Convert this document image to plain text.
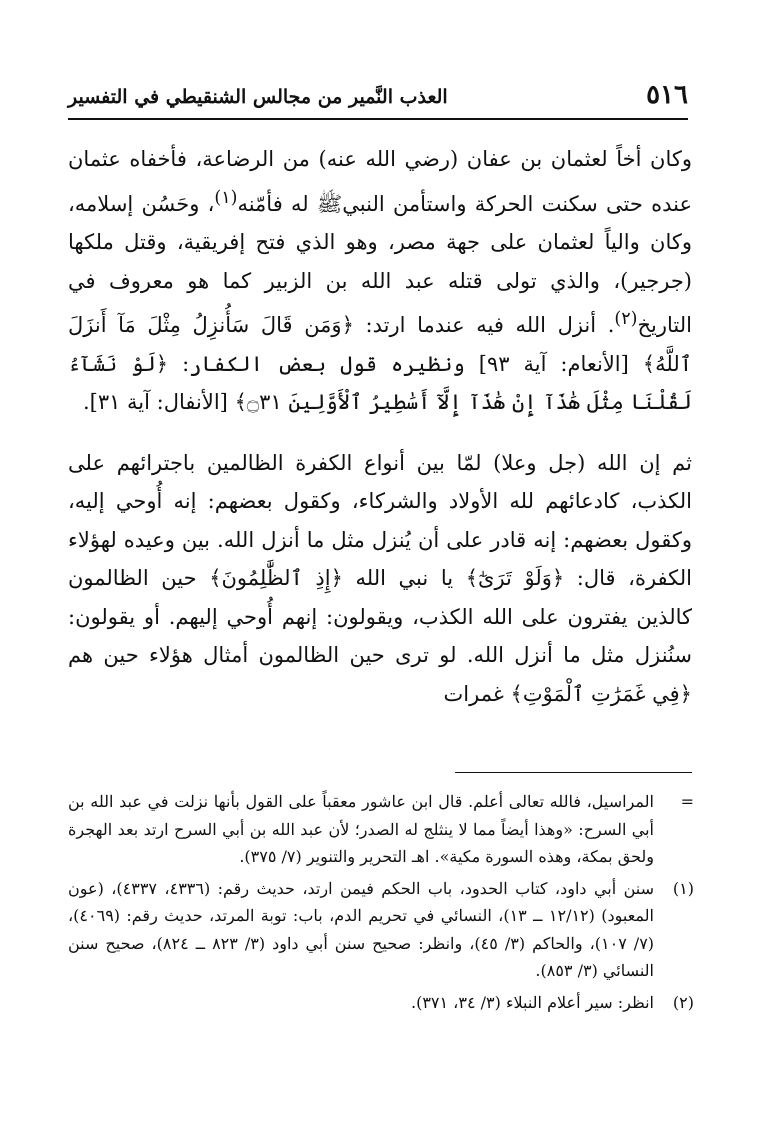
٥١٦
العذب النَّمير من مجالس الشنقيطي في التفسير

وكان أخاً لعثمان بن عفان (رضي الله عنه) من الرضاعة، فأخفاه عثمان عنده حتى سكنت الحركة واستأمن النبيﷺ له فأمّنه$^{(١)}$، وحَسُن إسلامه، وكان والياً لعثمان على جهة مصر، وهو الذي فتح إفريقية، وقتل ملكها (جرجير)، والذي تولى قتله عبد الله بن الزبير كما هو معروف في التاريخ$^{(٢)}$. أنزل الله فيه عندما ارتد: ﴿وَمَن قَالَ سَأُنزِلُ مِثْلَ مَآ أَنزَلَ ٱللَّهُ﴾ [الأنعام: آية ٩٣] ونظيره قول بعض الكفار: ﴿لَوْ نَشَآءُ لَقُلْنَا مِثْلَ هَٰذَآ إِنْ هَٰذَآ إِلَّآ أَسَٰطِيرُ ٱلْأَوَّلِينَ ۝٣١﴾ [الأنفال: آية ٣١].

ثم إن الله (جل وعلا) لمّا بين أنواع الكفرة الظالمين باجترائهم على الكذب، كادعائهم لله الأولاد والشركاء، وكقول بعضهم: إنه أُوحي إليه، وكقول بعضهم: إنه قادر على أن يُنزل مثل ما أنزل الله. بين وعيده لهؤلاء الكفرة، قال: ﴿وَلَوْ تَرَىٰٓ﴾ يا نبي الله ﴿إِذِ ٱلظَّٰلِمُونَ﴾ حين الظالمون كالذين يفترون على الله الكذب، ويقولون: إنهم أُوحي إليهم. أو يقولون: سنُنزل مثل ما أنزل الله. لو ترى حين الظالمون أمثال هؤلاء حين هم ﴿فِي غَمَرَٰتِ ٱلْمَوْتِ﴾ غمرات

=
المراسيل، فالله تعالى أعلم. قال ابن عاشور معقباً على القول بأنها نزلت في عبد الله بن أبي السرح: «وهذا أيضاً مما لا ينثلج له الصدر؛ لأن عبد الله بن أبي السرح ارتد بعد الهجرة ولحق بمكة، وهذه السورة مكية». اهـ التحرير والتنوير (٧/ ٣٧٥).

(١)
سنن أبي داود، كتاب الحدود، باب الحكم فيمن ارتد، حديث رقم: (٤٣٣٦، ٤٣٣٧)، (عون المعبود) (١٢/١٢ ــ ١٣)، النسائي في تحريم الدم، باب: توبة المرتد، حديث رقم: (٤٠٦٩)، (٧/ ١٠٧)، والحاكم (٣/ ٤٥)، وانظر: صحيح سنن أبي داود (٣/ ٨٢٣ ــ ٨٢٤)، صحيح سنن النسائي (٣/ ٨٥٣).

(٢)
انظر: سير أعلام النبلاء (٣/ ٣٤، ٣٧١).
